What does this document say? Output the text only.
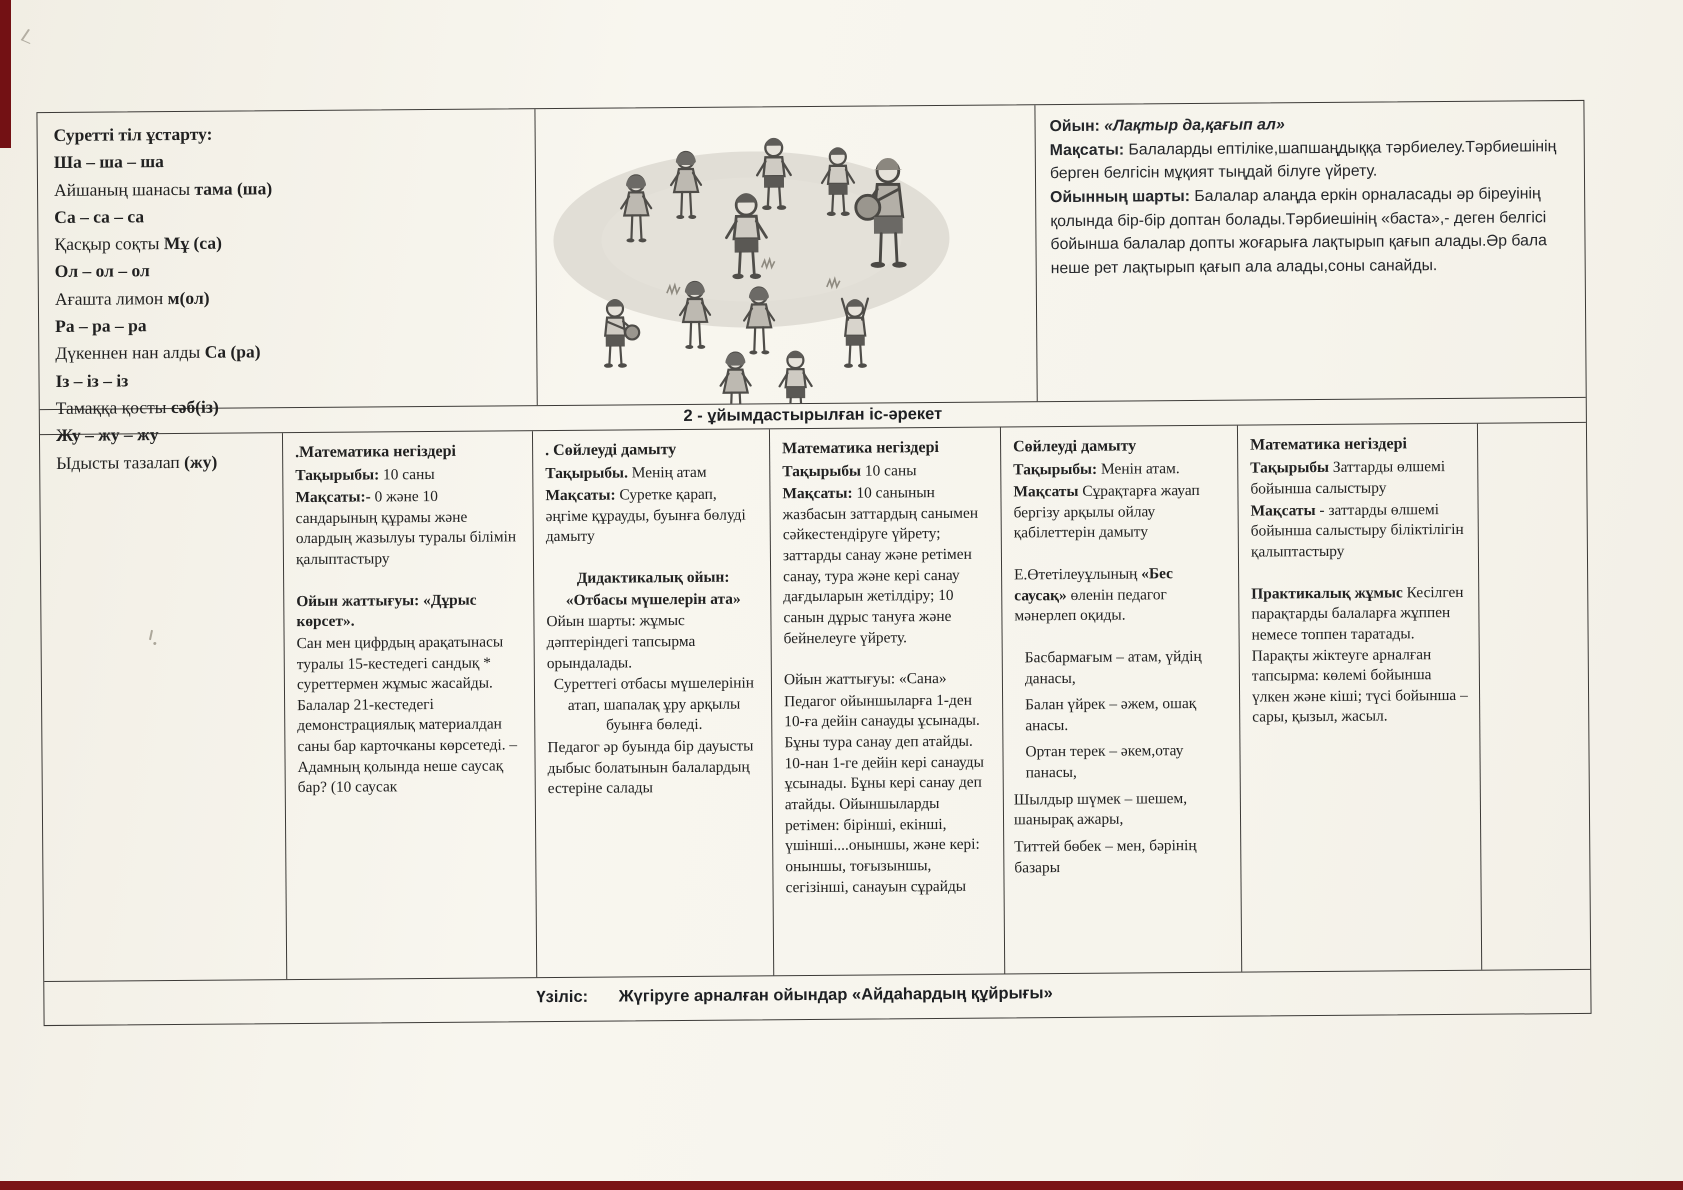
Суретті тіл ұстарту:

Ша – ша – ша

Айшаның шанасы тама (ша)

Са – са – са

Қасқыр соқты Мұ (са)

Ол – ол – ол

Ағашта лимон м(ол)

Ра – ра – ра

Дүкеннен нан алды Са (ра)

Із – із – із

Тамаққа қосты сәб(із)

Жу – жу – жу

Ыдысты тазалап (жу)

Ойын: «Лақтыр да,қағып ал»

Мақсаты: Балаларды ептіліке,шапшаңдыққа тәрбиелеу.Тәрбиешінің берген белгісін мұқият тыңдай білуге үйрету.

Ойынның шарты: Балалар алаңда еркін орналасады әр біреуінің қолында бір-бір доптан болады.Тәрбиешінің «баста»,- деген белгісі бойынша балалар допты жоғарыға лақтырып қағып алады.Әр бала неше рет лақтырып қағып ала алады,соны санайды.

2 - ұйымдастырылған іс-әрекет

.Математика негіздері

Тақырыбы: 10 саны

Мақсаты:- 0 және 10 сандарының құрамы және олардың жазылуы туралы білімін қалыптастыру

Ойын жаттығуы: «Дұрыс көрсет».

Сан мен цифрдың арақатынасы туралы 15-кестедегі сандық * суреттермен жұмыс жасайды. Балалар 21-кестедегі демонстрациялық материалдан саны бар карточканы көрсетеді. – Адамның қолында неше саусақ бар? (10 саусак

. Сөйлеуді дамыту

Тақырыбы. Менің атам

Мақсаты: Суретке қарап, әңгіме құрауды, буынға бөлуді дамыту

Дидактикалық ойын:

«Отбасы мүшелерін ата»

Ойын шарты: жұмыс дәптеріндегі тапсырма орындалады.

Суреттегі отбасы мүшелерінін атап, шапалақ ұру арқылы буынға бөледі.

Педагог әр буында бір дауысты дыбыс болатынын балалардың естеріне салады

Математика негіздері

Тақырыбы 10 саны

Мақсаты: 10 санынын жазбасын заттардың санымен сәйкестендіруге үйрету; заттарды санау және ретімен санау, тура және кері санау дағдыларын жетілдіру; 10 санын дұрыс тануға және бейнелеуге үйрету.

Ойын жаттығуы: «Сана»

Педагог ойыншыларға 1-ден 10-ға дейін санауды ұсынады. Бұны тура санау деп атайды. 10-нан 1-ге дейін кері санауды ұсынады. Бұны кері санау деп атайды. Ойыншыларды ретімен: бірінші, екінші, үшінші....оныншы, және кері: оныншы, тоғызыншы, сегізінші, санауын сұрайды

Сөйлеуді дамыту

Тақырыбы: Менін атам.

Мақсаты Сұрақтарға жауап бергізу арқылы ойлау қабілеттерін дамыту

Е.Өтетілеуұлының «Бес саусақ» өленін педагог мәнерлеп оқиды.

Басбармағым – атам, үйдің данасы,

Балан үйрек – әжем, ошақ анасы.

Ортан терек – әкем,отау панасы,

Шылдыр шүмек – шешем, шанырақ ажары,

Титтей бөбек – мен, бәрінің базары

Математика негіздері

Тақырыбы Заттарды өлшемі бойынша салыстыру

Мақсаты - заттарды өлшемі бойынша салыстыру біліктілігін қалыптастыру

Практикалық жұмыс Кесілген парақтарды балаларға жұппен немесе топпен таратады. Парақты жіктеуге арналған тапсырма: көлемі бойынша үлкен және кіші; түсі бойынша – сары, қызыл, жасыл.

Үзіліс: Жүгіруге арналған ойындар «Айдаһардың құйрығы»
